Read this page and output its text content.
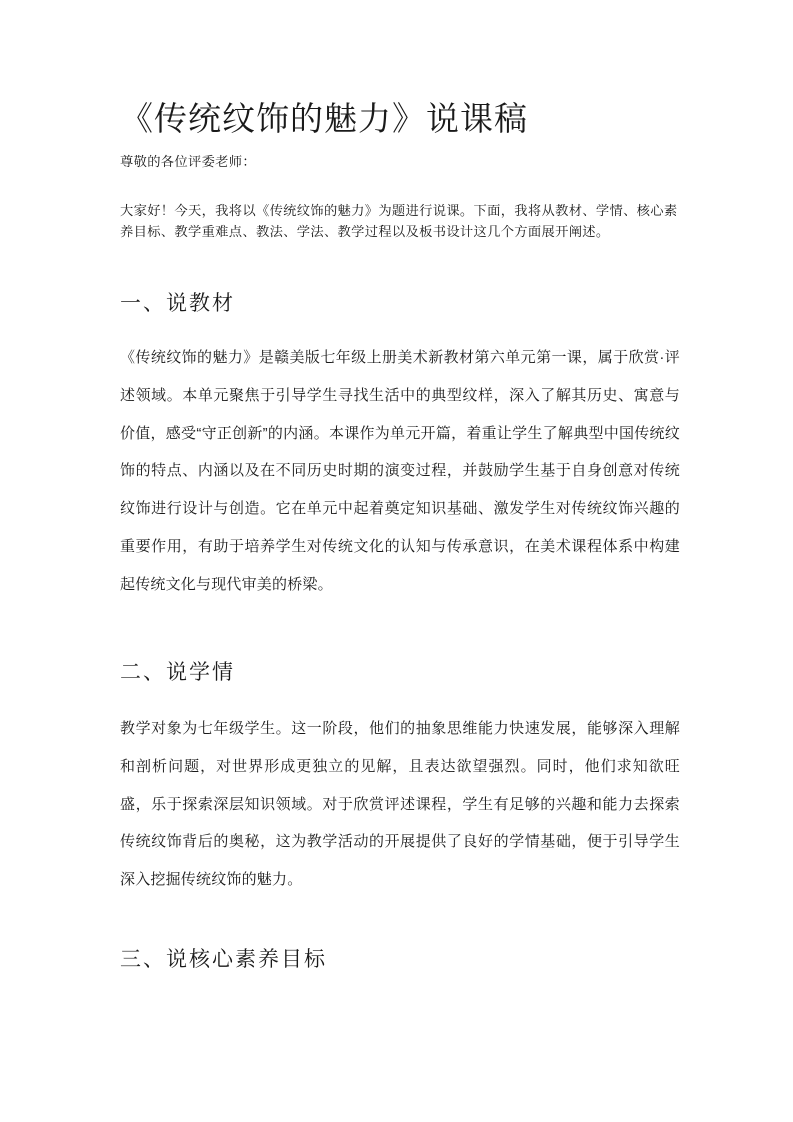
《传统纹饰的魅力》说课稿

尊敬的各位评委老师：

大家好！今天，我将以《传统纹饰的魅力》为题进行说课。下面，我将从教材、学情、核心素养目标、教学重难点、教法、学法、教学过程以及板书设计这几个方面展开阐述。

一、说教材

《传统纹饰的魅力》是赣美版七年级上册美术新教材第六单元第一课，属于欣赏·评述领域。本单元聚焦于引导学生寻找生活中的典型纹样，深入了解其历史、寓意与价值，感受“守正创新”的内涵。本课作为单元开篇，着重让学生了解典型中国传统纹饰的特点、内涵以及在不同历史时期的演变过程，并鼓励学生基于自身创意对传统纹饰进行设计与创造。它在单元中起着奠定知识基础、激发学生对传统纹饰兴趣的重要作用，有助于培养学生对传统文化的认知与传承意识，在美术课程体系中构建起传统文化与现代审美的桥梁。

二、说学情

教学对象为七年级学生。这一阶段，他们的抽象思维能力快速发展，能够深入理解和剖析问题，对世界形成更独立的见解，且表达欲望强烈。同时，他们求知欲旺盛，乐于探索深层知识领域。对于欣赏评述课程，学生有足够的兴趣和能力去探索传统纹饰背后的奥秘，这为教学活动的开展提供了良好的学情基础，便于引导学生深入挖掘传统纹饰的魅力。

三、说核心素养目标
